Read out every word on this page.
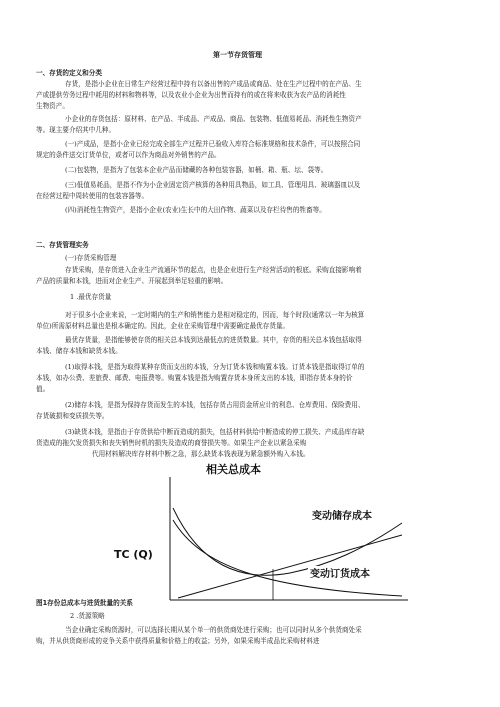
第一节存货管理
一、存货的定义和分类
存货，是指小企业在日常生产经营过程中持有以备出售的产成品或商品、处在生产过程中的在产品、生
产或提供劳务过程中耗用的材料和物料等，以及农业小企业为出售而持有的或在将来收获为农产品的消耗性
生物资产。
小企业的存货包括：原材料、在产品、半成品、产成品、商品、包装物、低值易耗品、消耗性生物资产
等。现主要介绍其中几种。
(一)产成品，是指小企业已经完成全部生产过程并已验收入库符合标准规格和技术条件，可以按照合同
规定的条件送交订货单位，或者可以作为商品对外销售的产品。
(二)包装物，是指为了包装本企业产品而储藏的各种包装容器，如桶、箱、瓶、坛、袋等。
(三)低值易耗品，是指不作为小企业固定资产核算的各种用具物品，如工具、管理用具、玻璃器皿以及
在经营过程中周转使用的包装容器等。
(四)消耗性生物资产，是指小企业(农业)生长中的大田作物、蔬菜以及存栏待售的牲畜等。
二、存货管理实务
(一)存货采购管理
存货采购，是存货进入企业生产流通环节的起点，也是企业进行生产经营活动的根底。采购直接影响着
产品的质量和本钱，进而对企业生产、开展起到举足轻重的影响。
1 .最优存货量
对于很多小企业来说，一定时期内的生产和销售能力是相对稳定的，因而，每个时段(通常以一年为核算
单位)所需原材料总量也是根本确定的。因此，企业在采购管理中需要确定最优存货量。
最优存货量，是指能够使存货的相关总本钱到达最低点的进货数量。其中，存货的相关总本钱包括取得
本钱、储存本钱和缺货本钱。
(1)取得本钱，是指为取得某种存货而支出的本钱，分为订货本钱和购置本钱。订货本钱是指取得订单的
本钱，如办公费、差旅费、邮费、电报费等。购置本钱是指为购置存货本身所支出的本钱，即指存货本身的价
值。
(2)储存本钱，是指为保持存货而发生的本钱，包括存货占用资金所应计的利息、仓库费用、保险费用、
存货破损和变质损失等。
(3)缺货本钱，是指由于存货供给中断而造成的损失，包括材料供给中断造成的停工损失、产成品库存缺
货造成的拖欠发货损失和丧失销售时机的损失及造成的商誉损失等。如果生产企业以紧急采购
代用材料解决库存材料中断之急，那么缺货本钱表现为紧急额外购入本钱。
相关总成本
变动储存成本
变动订货成本
TC (Q)
图1存份总成本与进货批量的关系
2 .货源策略
当企业确定采购货源时，可以选择长期从某个单一的供货商处进行采购；也可以同时从多个供货商处采
购，并从供货商形成的竞争关系中获得质量和价格上的收益；另外，如果采购半成品比采购材料进
